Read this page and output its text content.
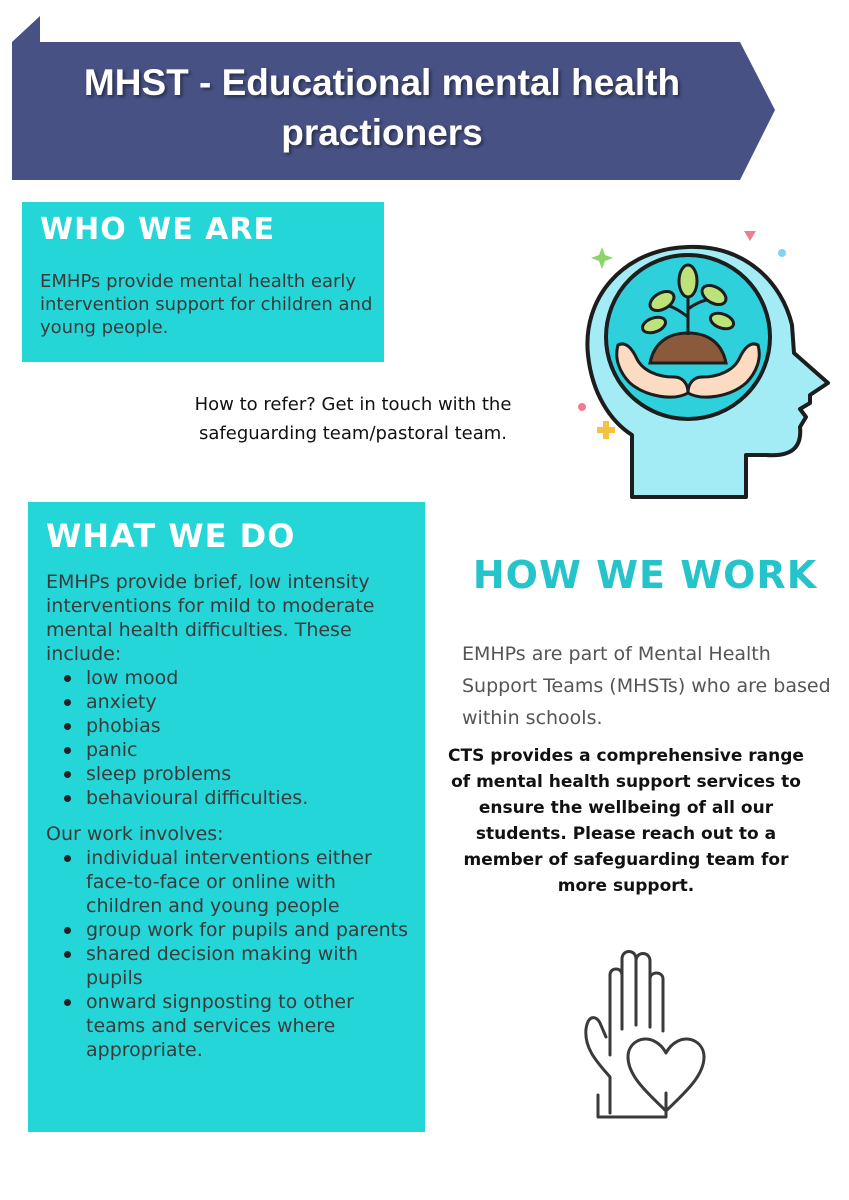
MHST - Educational mental health practioners
WHO WE ARE
EMHPs provide mental health early intervention support for children and young people.
How to refer? Get in touch with the safeguarding team/pastoral team.
WHAT WE DO
EMHPs provide brief, low intensity interventions for mild to moderate mental health difficulties. These include:
low mood
anxiety
phobias
panic
sleep problems
behavioural difficulties.
Our work involves:
individual interventions either face-to-face or online with children and young people
group work for pupils and parents
shared decision making with pupils
onward signposting to other teams and services where appropriate.
HOW WE WORK
EMHPs are part of Mental Health Support Teams (MHSTs) who are based within schools.
CTS provides a comprehensive range of mental health support services to ensure the wellbeing of all our students. Please reach out to a member of safeguarding team for more support.
